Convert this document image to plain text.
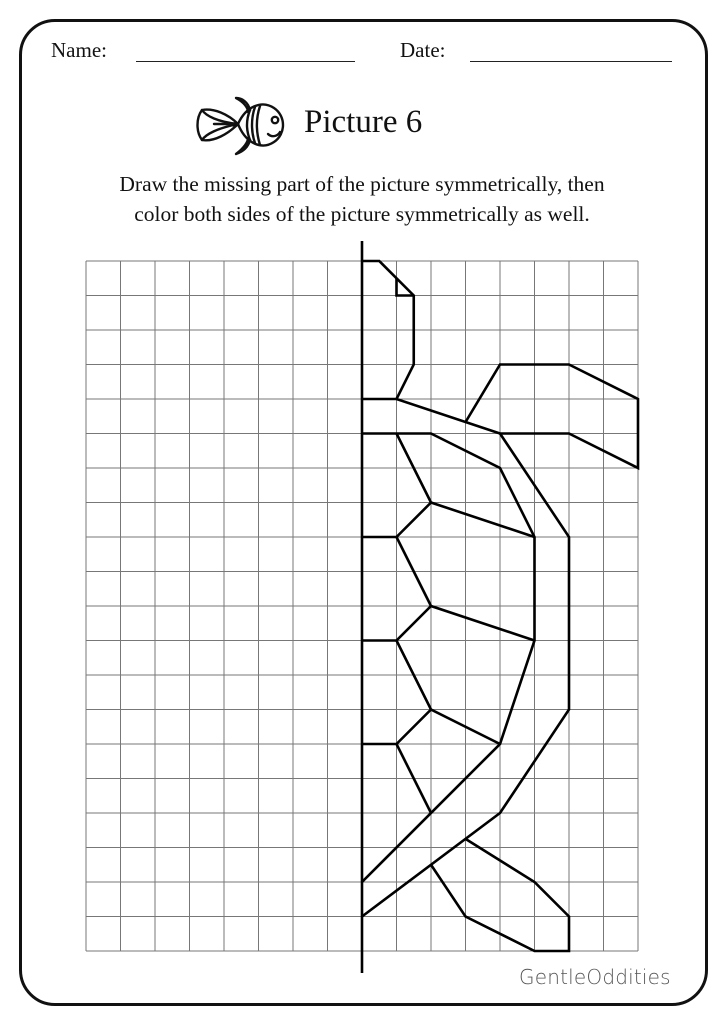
Name:	Date:
Picture 6
Draw the missing part of the picture symmetrically, then
color both sides of the picture symmetrically as well.
GentleOddities
